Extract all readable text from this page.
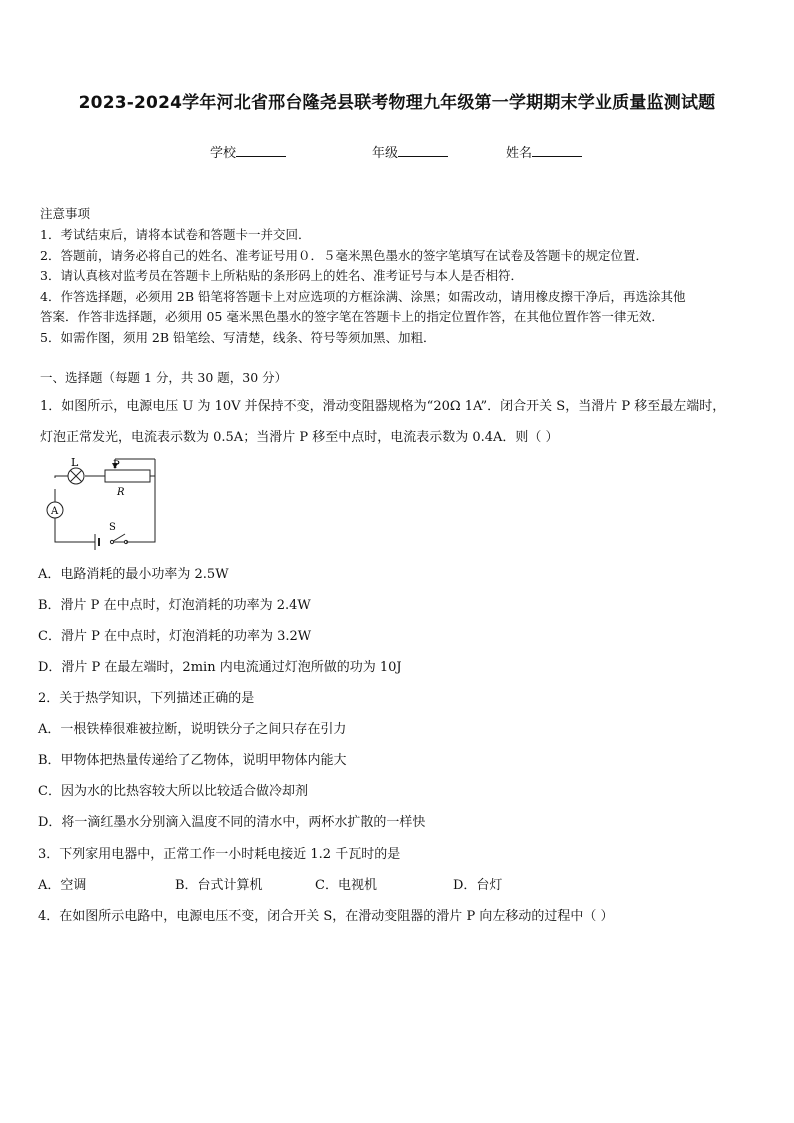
2023-2024学年河北省邢台隆尧县联考物理九年级第一学期期末学业质量监测试题
学校	年级	姓名
注意事项
1．考试结束后，请将本试卷和答题卡一并交回．
2．答题前，请务必将自己的姓名、准考证号用０．５毫米黑色墨水的签字笔填写在试卷及答题卡的规定位置．
3．请认真核对监考员在答题卡上所粘贴的条形码上的姓名、准考证号与本人是否相符．
4．作答选择题，必须用 2B 铅笔将答题卡上对应选项的方框涂满、涂黑；如需改动，请用橡皮擦干净后，再选涂其他
答案．作答非选择题，必须用 05 毫米黑色墨水的签字笔在答题卡上的指定位置作答，在其他位置作答一律无效．
5．如需作图，须用 2B 铅笔绘、写清楚，线条、符号等须加黑、加粗．
一、选择题（每题 1 分，共 30 题，30 分）
1．如图所示，电源电压 U 为 10V 并保持不变，滑动变阻器规格为“20Ω 1A”．闭合开关 S，当滑片 P 移至最左端时，
灯泡正常发光，电流表示数为 0.5A；当滑片 P 移至中点时，电流表示数为 0.4A．则（ ）
L	P
R
A
S
A．电路消耗的最小功率为 2.5W
B．滑片 P 在中点时，灯泡消耗的功率为 2.4W
C．滑片 P 在中点时，灯泡消耗的功率为 3.2W
D．滑片 P 在最左端时，2min 内电流通过灯泡所做的功为 10J
2．关于热学知识，下列描述正确的是
A．一根铁棒很难被拉断，说明铁分子之间只存在引力
B．甲物体把热量传递给了乙物体，说明甲物体内能大
C．因为水的比热容较大所以比较适合做冷却剂
D．将一滴红墨水分别滴入温度不同的清水中，两杯水扩散的一样快
3．下列家用电器中，正常工作一小时耗电接近 1.2 千瓦时的是
A．空调	B．台式计算机	C．电视机	D．台灯
4．在如图所示电路中，电源电压不变，闭合开关 S，在滑动变阻器的滑片 P 向左移动的过程中（ ）
